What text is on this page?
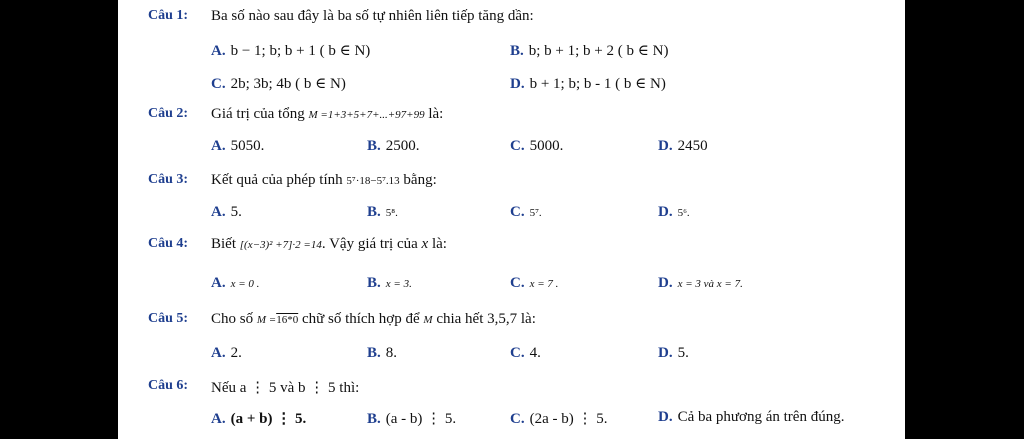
Câu 1: Ba số nào sau đây là ba số tự nhiên liên tiếp tăng dần:
A. b − 1; b; b + 1 ( b ∈ N)	B. b; b + 1; b + 2 ( b ∈ N)
C. 2b; 3b; 4b ( b ∈ N)	D. b + 1; b; b - 1 ( b ∈ N)
Câu 2: Giá trị của tổng M =1+3+5+7+...+97+99 là:
A. 5050.	B. 2500.	C. 5000.	D. 2450
Câu 3: Kết quả của phép tính 5⁷·18−5⁷.13 bằng:
A. 5.	B. 5⁸.	C. 5⁷.	D. 5⁶.
Câu 4: Biết [(x−3)² +7]·2 =14. Vậy giá trị của x là:
A. x = 0 .	B. x = 3.	C. x = 7 .	D. x = 3 và x = 7.
Câu 5: Cho số M =16*0 chữ số thích hợp để M chia hết 3,5,7 là:
A. 2.	B. 8.	C. 4.	D. 5.
Câu 6: Nếu a ⋮ 5 và b ⋮ 5 thì:
A. (a + b) ⋮ 5.	B. (a - b) ⋮ 5.	C. (2a - b) ⋮ 5.	D. Cả ba phương án trên đúng.
